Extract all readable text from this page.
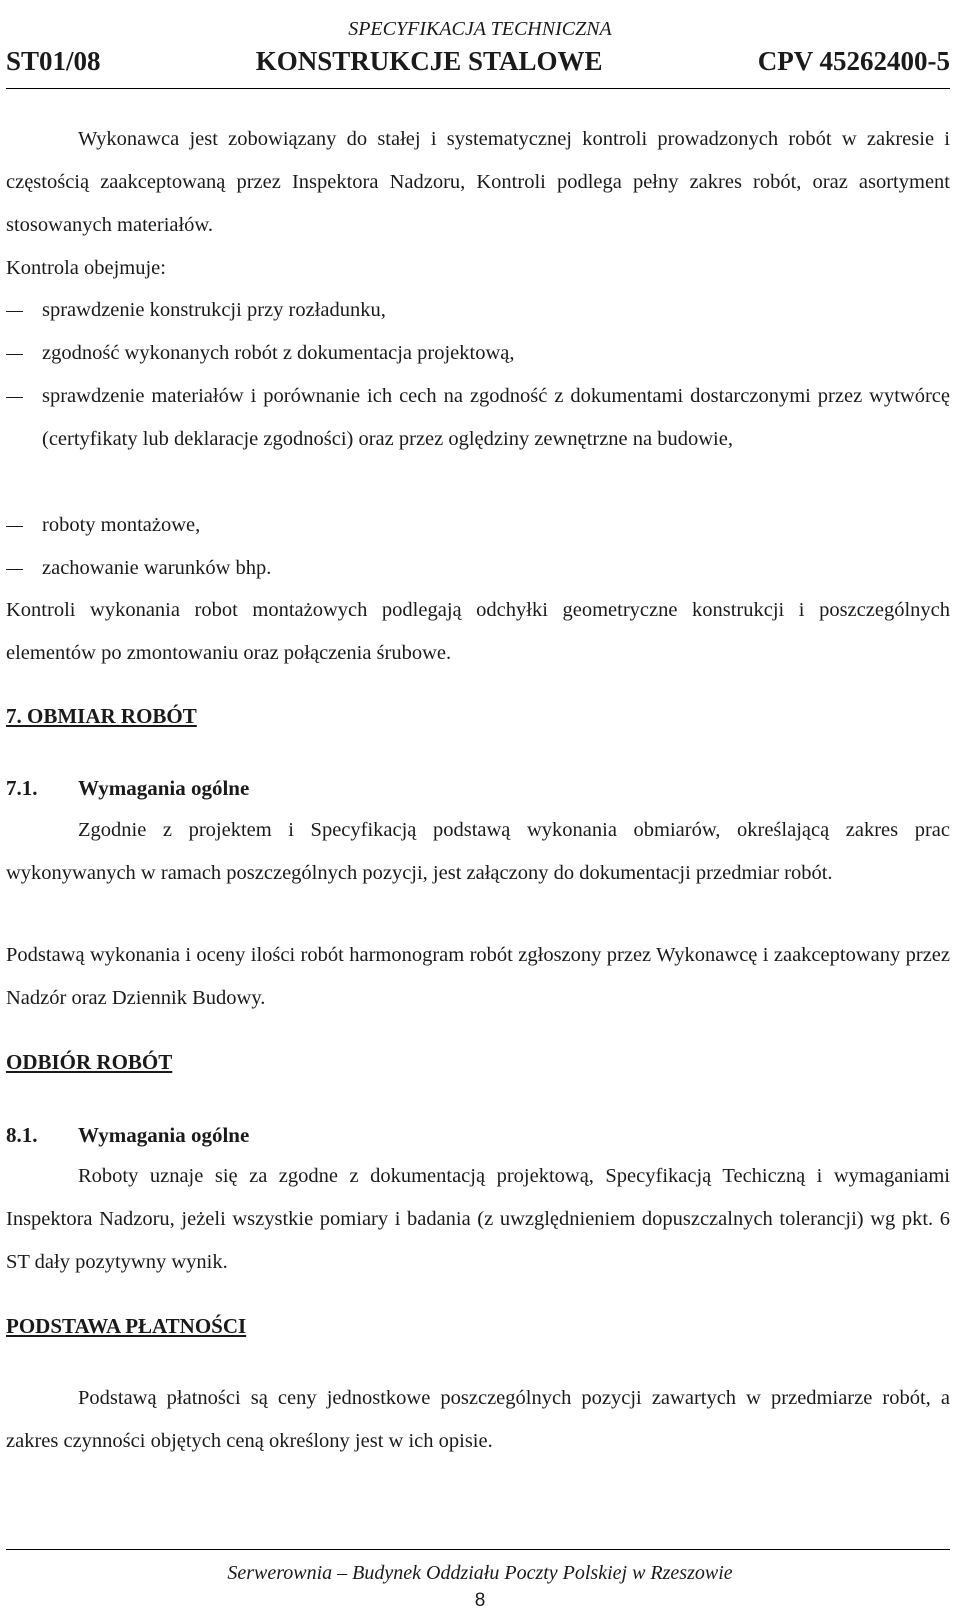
SPECYFIKACJA TECHNICZNA
ST01/08	KONSTRUKCJE STALOWE	CPV 45262400-5

Wykonawca jest zobowiązany do stałej i systematycznej kontroli prowadzonych robót w zakresie i częstością zaakceptowaną przez Inspektora Nadzoru, Kontroli podlega pełny zakres robót, oraz asortyment stosowanych materiałów.

Kontrola obejmuje:
sprawdzenie konstrukcji przy rozładunku,
zgodność wykonanych robót z dokumentacja projektową,
sprawdzenie materiałów i porównanie ich cech na zgodność z dokumentami dostarczonymi przez wytwórcę (certyfikaty lub deklaracje zgodności) oraz przez oględziny zewnętrzne na budowie,
roboty montażowe,
zachowanie warunków bhp.

Kontroli wykonania robot montażowych podlegają odchyłki geometryczne konstrukcji i poszczególnych elementów po zmontowaniu oraz połączenia śrubowe.

7. OBMIAR ROBÓT
7.1. Wymagania ogólne

Zgodnie z projektem i Specyfikacją podstawą wykonania obmiarów, określającą zakres prac wykonywanych w ramach poszczególnych pozycji, jest załączony do dokumentacji przedmiar robót.

Podstawą wykonania i oceny ilości robót harmonogram robót zgłoszony przez Wykonawcę i zaakceptowany przez Nadzór oraz Dziennik Budowy.

ODBIÓR ROBÓT
8.1. Wymagania ogólne

Roboty uznaje się za zgodne z dokumentacją projektową, Specyfikacją Techiczną i wymaganiami Inspektora Nadzoru, jeżeli wszystkie pomiary i badania (z uwzględnieniem dopuszczalnych tolerancji) wg pkt. 6 ST dały pozytywny wynik.

PODSTAWA PŁATNOŚCI

Podstawą płatności są ceny jednostkowe poszczególnych pozycji zawartych w przedmiarze robót, a zakres czynności objętych ceną określony jest w ich opisie.

Serwerownia – Budynek Oddziału Poczty Polskiej w Rzeszowie
8
